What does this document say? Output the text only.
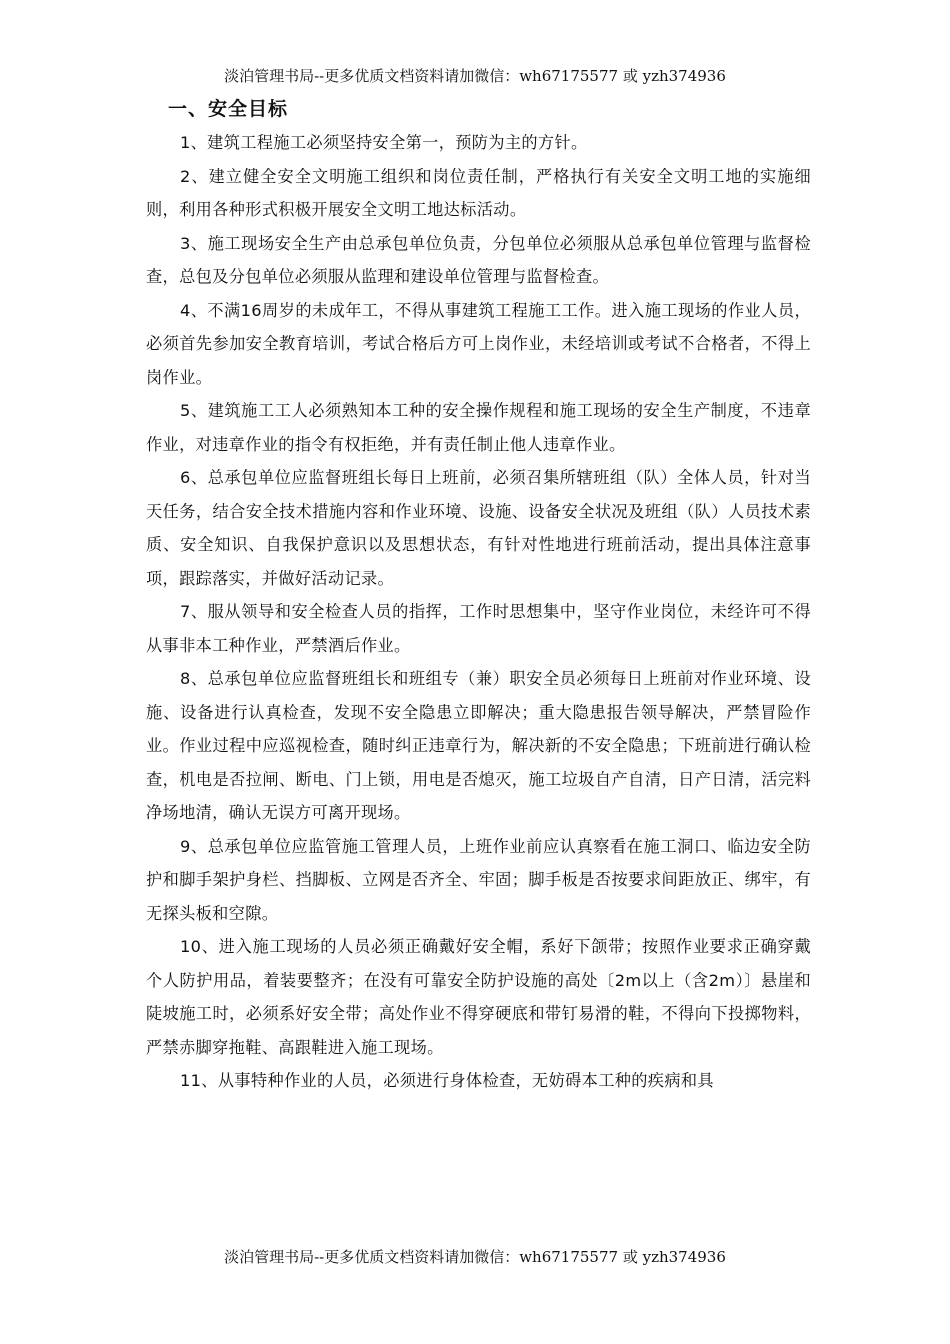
淡泊管理书局--更多优质文档资料请加微信：wh67175577 或 yzh374936
一、安全目标

1、建筑工程施工必须坚持安全第一，预防为主的方针。

2、建立健全安全文明施工组织和岗位责任制，严格执行有关安全文明工地的实施细则，利用各种形式积极开展安全文明工地达标活动。

3、施工现场安全生产由总承包单位负责，分包单位必须服从总承包单位管理与监督检查，总包及分包单位必须服从监理和建设单位管理与监督检查。

4、不满16周岁的未成年工，不得从事建筑工程施工工作。进入施工现场的作业人员，必须首先参加安全教育培训，考试合格后方可上岗作业，未经培训或考试不合格者，不得上岗作业。

5、建筑施工工人必须熟知本工种的安全操作规程和施工现场的安全生产制度，不违章作业，对违章作业的指令有权拒绝，并有责任制止他人违章作业。

6、总承包单位应监督班组长每日上班前，必须召集所辖班组（队）全体人员，针对当天任务，结合安全技术措施内容和作业环境、设施、设备安全状况及班组（队）人员技术素质、安全知识、自我保护意识以及思想状态，有针对性地进行班前活动，提出具体注意事项，跟踪落实，并做好活动记录。

7、服从领导和安全检查人员的指挥，工作时思想集中，坚守作业岗位，未经许可不得从事非本工种作业，严禁酒后作业。

8、总承包单位应监督班组长和班组专（兼）职安全员必须每日上班前对作业环境、设施、设备进行认真检查，发现不安全隐患立即解决；重大隐患报告领导解决，严禁冒险作业。作业过程中应巡视检查，随时纠正违章行为，解决新的不安全隐患；下班前进行确认检查，机电是否拉闸、断电、门上锁，用电是否熄灭，施工垃圾自产自清，日产日清，活完料净场地清，确认无误方可离开现场。

9、总承包单位应监管施工管理人员，上班作业前应认真察看在施工洞口、临边安全防护和脚手架护身栏、挡脚板、立网是否齐全、牢固；脚手板是否按要求间距放正、绑牢，有无探头板和空隙。

10、进入施工现场的人员必须正确戴好安全帽，系好下颌带；按照作业要求正确穿戴个人防护用品，着装要整齐；在没有可靠安全防护设施的高处〔2m以上（含2m）〕悬崖和陡坡施工时，必须系好安全带；高处作业不得穿硬底和带钉易滑的鞋，不得向下投掷物料，严禁赤脚穿拖鞋、高跟鞋进入施工现场。

11、从事特种作业的人员，必须进行身体检查，无妨碍本工种的疾病和具

淡泊管理书局--更多优质文档资料请加微信：wh67175577 或 yzh374936
